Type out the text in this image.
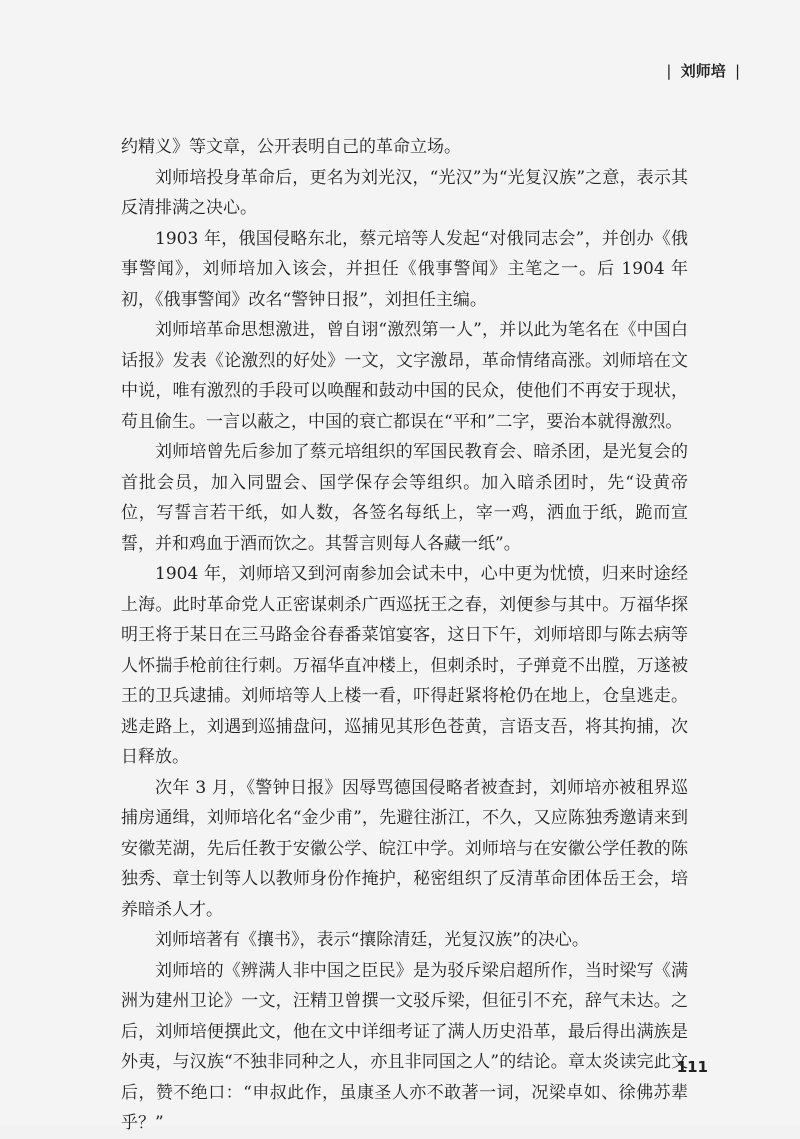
| 刘师培 |

约精义》等文章，公开表明自己的革命立场。

刘师培投身革命后，更名为刘光汉，“光汉”为“光复汉族”之意，表示其反清排满之决心。

1903 年，俄国侵略东北，蔡元培等人发起“对俄同志会”，并创办《俄事警闻》，刘师培加入该会，并担任《俄事警闻》主笔之一。后 1904 年初，《俄事警闻》改名“警钟日报”，刘担任主编。

刘师培革命思想激进，曾自诩“激烈第一人”，并以此为笔名在《中国白话报》发表《论激烈的好处》一文，文字激昂，革命情绪高涨。刘师培在文中说，唯有激烈的手段可以唤醒和鼓动中国的民众，使他们不再安于现状，苟且偷生。一言以蔽之，中国的衰亡都误在“平和”二字，要治本就得激烈。

刘师培曾先后参加了蔡元培组织的军国民教育会、暗杀团，是光复会的首批会员，加入同盟会、国学保存会等组织。加入暗杀团时，先“设黄帝位，写誓言若干纸，如人数，各签名每纸上，宰一鸡，洒血于纸，跪而宣誓，并和鸡血于酒而饮之。其誓言则每人各藏一纸”。

1904 年，刘师培又到河南参加会试未中，心中更为忧愤，归来时途经上海。此时革命党人正密谋刺杀广西巡抚王之春，刘便参与其中。万福华探明王将于某日在三马路金谷春番菜馆宴客，这日下午，刘师培即与陈去病等人怀揣手枪前往行刺。万福华直冲楼上，但刺杀时，子弹竟不出膛，万遂被王的卫兵逮捕。刘师培等人上楼一看，吓得赶紧将枪仍在地上，仓皇逃走。逃走路上，刘遇到巡捕盘问，巡捕见其形色苍黄，言语支吾，将其拘捕，次日释放。

次年 3 月，《警钟日报》因辱骂德国侵略者被查封，刘师培亦被租界巡捕房通缉，刘师培化名“金少甫”，先避往浙江，不久，又应陈独秀邀请来到安徽芜湖，先后任教于安徽公学、皖江中学。刘师培与在安徽公学任教的陈独秀、章士钊等人以教师身份作掩护，秘密组织了反清革命团体岳王会，培养暗杀人才。

刘师培著有《攘书》，表示“攘除清廷，光复汉族”的决心。

刘师培的《辨满人非中国之臣民》是为驳斥梁启超所作，当时梁写《满洲为建州卫论》一文，汪精卫曾撰一文驳斥梁，但征引不充，辞气未达。之后，刘师培便撰此文，他在文中详细考证了满人历史沿革，最后得出满族是外夷，与汉族“不独非同种之人，亦且非同国之人”的结论。章太炎读完此文后，赞不绝口：“申叔此作，虽康圣人亦不敢著一词，况梁卓如、徐佛苏辈乎？”

111
